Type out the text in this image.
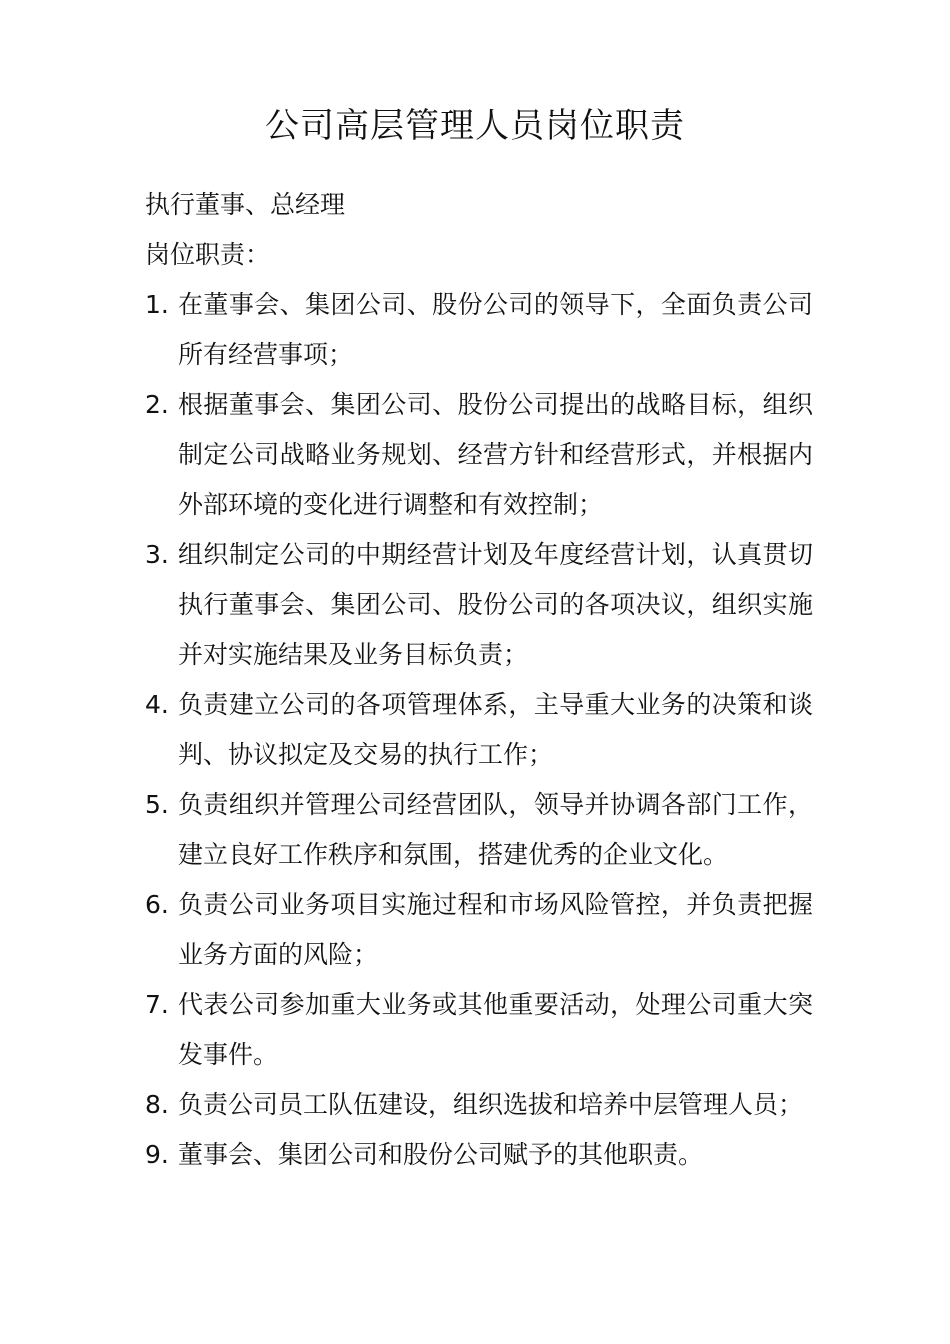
公司高层管理人员岗位职责

执行董事、总经理

岗位职责：

1. 在董事会、集团公司、股份公司的领导下，全面负责公司所有经营事项；
2. 根据董事会、集团公司、股份公司提出的战略目标，组织制定公司战略业务规划、经营方针和经营形式，并根据内外部环境的变化进行调整和有效控制；
3. 组织制定公司的中期经营计划及年度经营计划，认真贯切执行董事会、集团公司、股份公司的各项决议，组织实施并对实施结果及业务目标负责；
4. 负责建立公司的各项管理体系，主导重大业务的决策和谈判、协议拟定及交易的执行工作；
5. 负责组织并管理公司经营团队，领导并协调各部门工作，建立良好工作秩序和氛围，搭建优秀的企业文化。
6. 负责公司业务项目实施过程和市场风险管控，并负责把握业务方面的风险；
7. 代表公司参加重大业务或其他重要活动，处理公司重大突发事件。
8. 负责公司员工队伍建设，组织选拔和培养中层管理人员；
9. 董事会、集团公司和股份公司赋予的其他职责。
